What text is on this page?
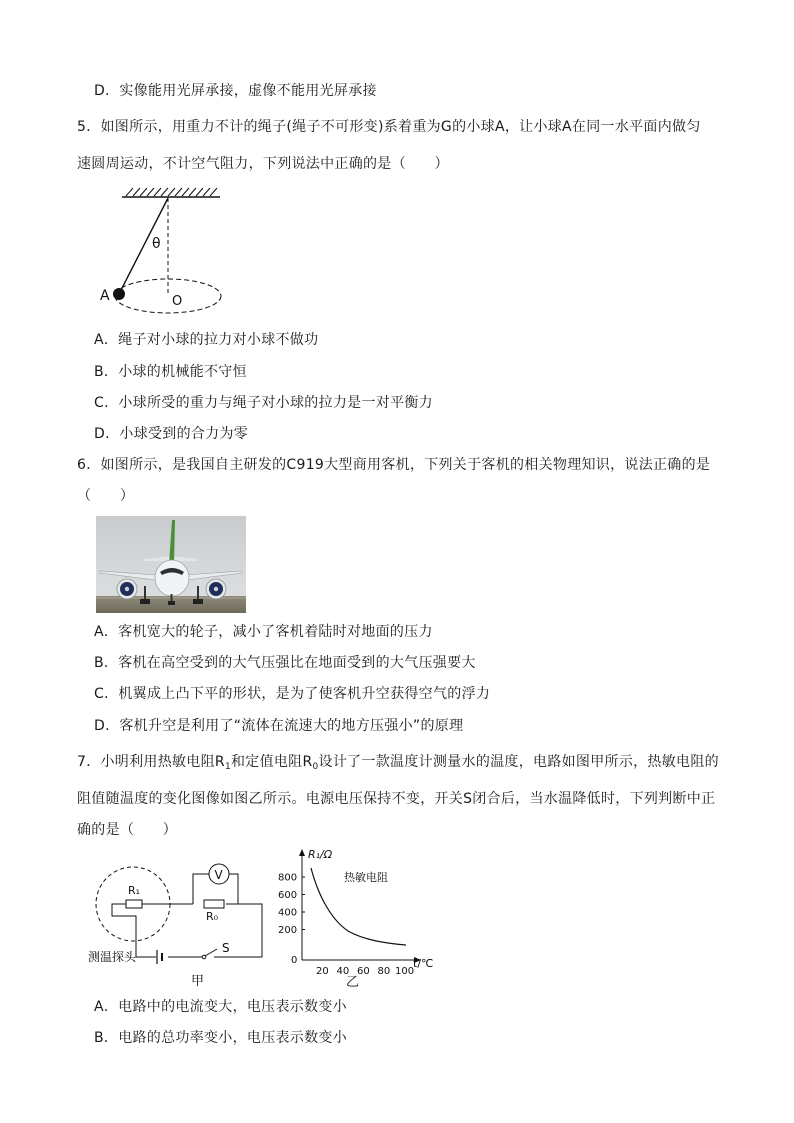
D．实像能用光屏承接，虚像不能用光屏承接
5．如图所示，用重力不计的绳子(绳子不可形变)系着重为G的小球A，让小球A在同一水平面内做匀
速圆周运动，不计空气阻力，下列说法中正确的是（　　）
θ
A	O
A．绳子对小球的拉力对小球不做功
B．小球的机械能不守恒
C．小球所受的重力与绳子对小球的拉力是一对平衡力
D．小球受到的合力为零
6．如图所示，是我国自主研发的C919大型商用客机，下列关于客机的相关物理知识，说法正确的是
（　　）
A．客机宽大的轮子，减小了客机着陆时对地面的压力
B．客机在高空受到的大气压强比在地面受到的大气压强要大
C．机翼成上凸下平的形状，是为了使客机升空获得空气的浮力
D．客机升空是利用了“流体在流速大的地方压强小”的原理
7．小明利用热敏电阻$R_1$和定值电阻$R_0$设计了一款温度计测量水的温度，电路如图甲所示，热敏电阻的
阻值随温度的变化图像如图乙所示。电源电压保持不变，开关S闭合后，当水温降低时，下列判断中正
确的是（　　）
V
R₁
R₀
S
测温探头
甲
R₁/Ω
t/℃
热敏电阻
0
800
600
400
200
20 40 60 80 100
乙
A．电路中的电流变大，电压表示数变小
B．电路的总功率变小，电压表示数变小
